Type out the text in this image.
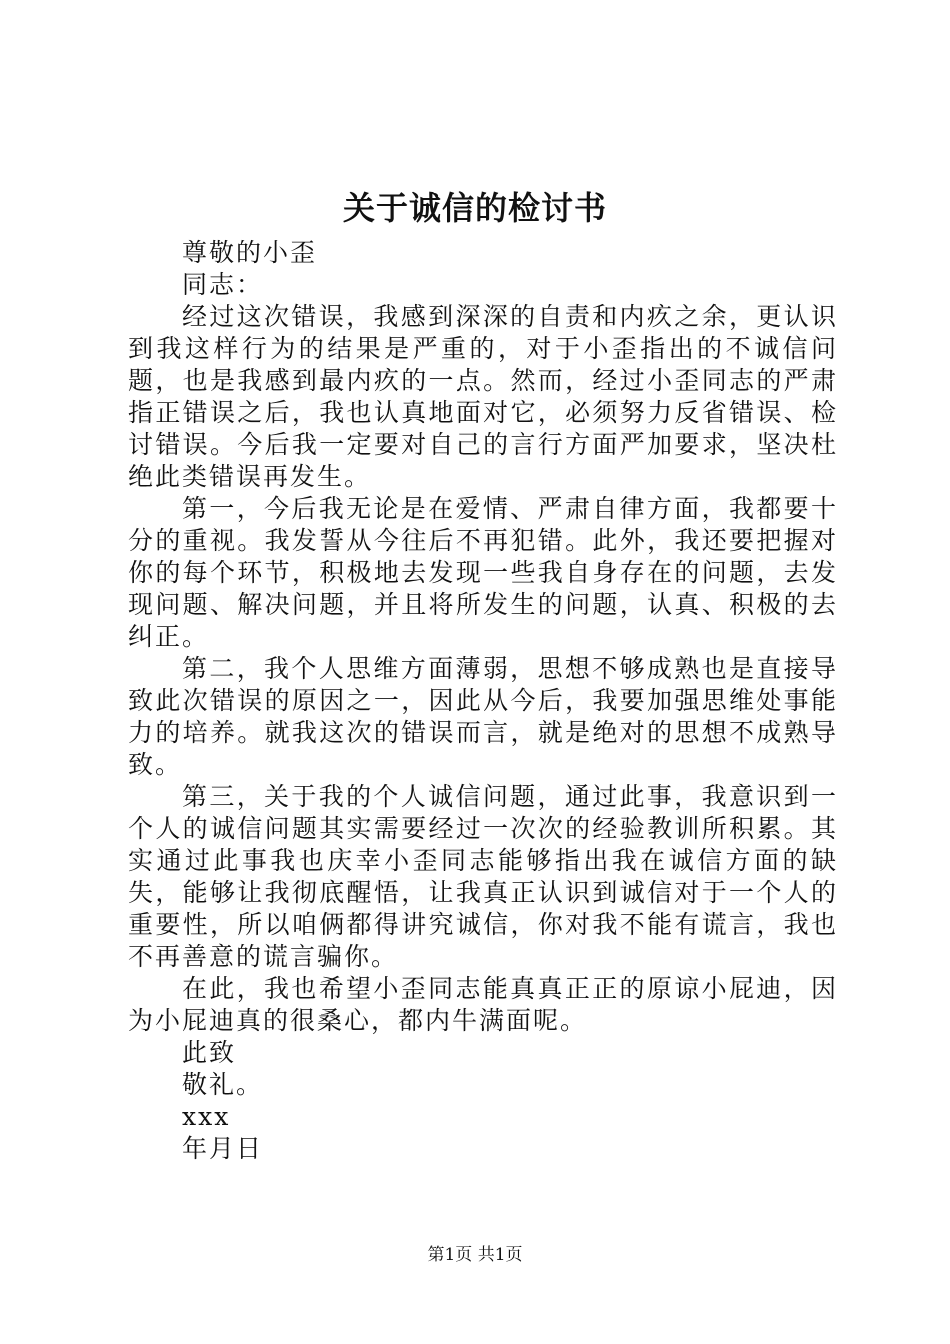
关于诚信的检讨书

尊敬的小歪

同志：

经过这次错误，我感到深深的自责和内疚之余，更认识到我这样行为的结果是严重的，对于小歪指出的不诚信问题，也是我感到最内疚的一点。然而，经过小歪同志的严肃指正错误之后，我也认真地面对它，必须努力反省错误、检讨错误。今后我一定要对自己的言行方面严加要求，坚决杜绝此类错误再发生。

第一，今后我无论是在爱情、严肃自律方面，我都要十分的重视。我发誓从今往后不再犯错。此外，我还要把握对你的每个环节，积极地去发现一些我自身存在的问题，去发现问题、解决问题，并且将所发生的问题，认真、积极的去纠正。

第二，我个人思维方面薄弱，思想不够成熟也是直接导致此次错误的原因之一，因此从今后，我要加强思维处事能力的培养。就我这次的错误而言，就是绝对的思想不成熟导致。

第三，关于我的个人诚信问题，通过此事，我意识到一个人的诚信问题其实需要经过一次次的经验教训所积累。其实通过此事我也庆幸小歪同志能够指出我在诚信方面的缺失，能够让我彻底醒悟，让我真正认识到诚信对于一个人的重要性，所以咱俩都得讲究诚信，你对我不能有谎言，我也不再善意的谎言骗你。

在此，我也希望小歪同志能真真正正的原谅小屁迪，因为小屁迪真的很桑心，都内牛满面呢。

此致

敬礼。

xxx

年月日

第1页 共1页
